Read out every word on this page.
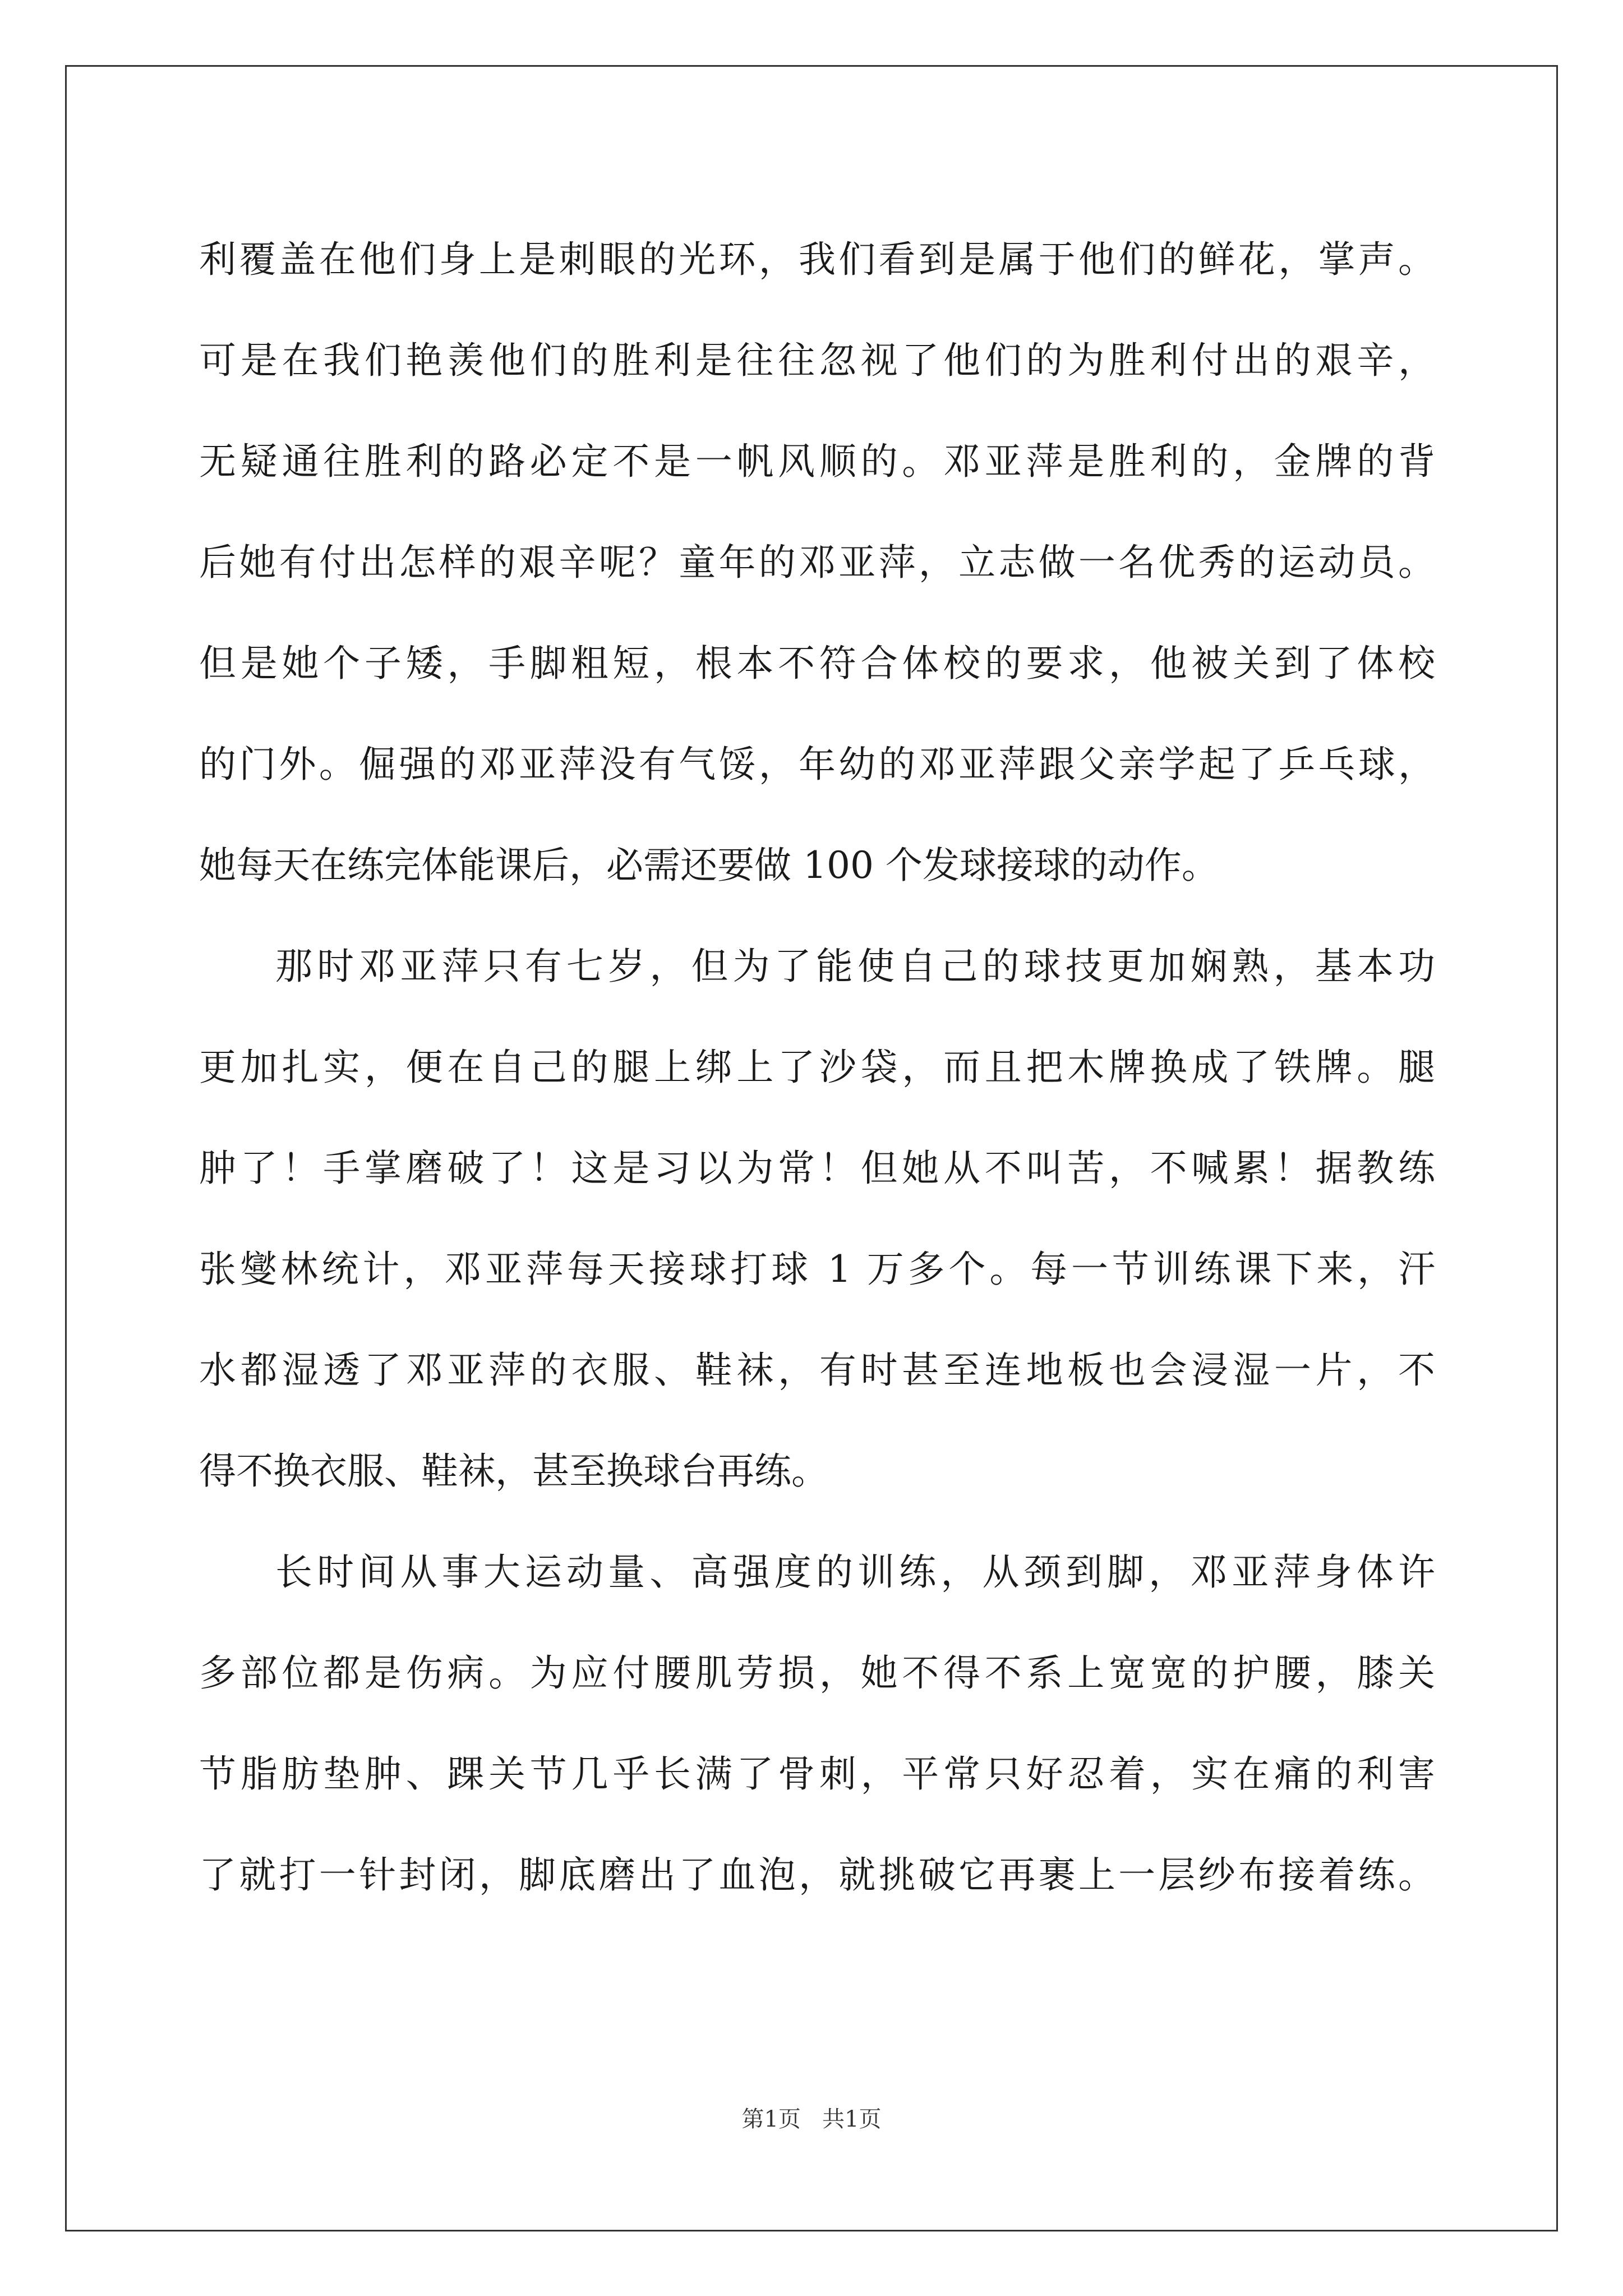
利覆盖在他们身上是刺眼的光环，我们看到是属于他们的鲜花，掌声。
可是在我们艳羡他们的胜利是往往忽视了他们的为胜利付出的艰辛，
无疑通往胜利的路必定不是一帆风顺的。邓亚萍是胜利的，金牌的背
后她有付出怎样的艰辛呢？童年的邓亚萍，立志做一名优秀的运动员。
但是她个子矮，手脚粗短，根本不符合体校的要求，他被关到了体校
的门外。倔强的邓亚萍没有气馁，年幼的邓亚萍跟父亲学起了乒乓球，
她每天在练完体能课后，必需还要做 100 个发球接球的动作。
那时邓亚萍只有七岁，但为了能使自己的球技更加娴熟，基本功
更加扎实，便在自己的腿上绑上了沙袋，而且把木牌换成了铁牌。腿
肿了！手掌磨破了！这是习以为常！但她从不叫苦，不喊累！据教练
张燮林统计，邓亚萍每天接球打球 1 万多个。每一节训练课下来，汗
水都湿透了邓亚萍的衣服、鞋袜，有时甚至连地板也会浸湿一片，不
得不换衣服、鞋袜，甚至换球台再练。
长时间从事大运动量、高强度的训练，从颈到脚，邓亚萍身体许
多部位都是伤病。为应付腰肌劳损，她不得不系上宽宽的护腰，膝关
节脂肪垫肿、踝关节几乎长满了骨刺，平常只好忍着，实在痛的利害
了就打一针封闭，脚底磨出了血泡，就挑破它再裹上一层纱布接着练。
第1页   共1页
